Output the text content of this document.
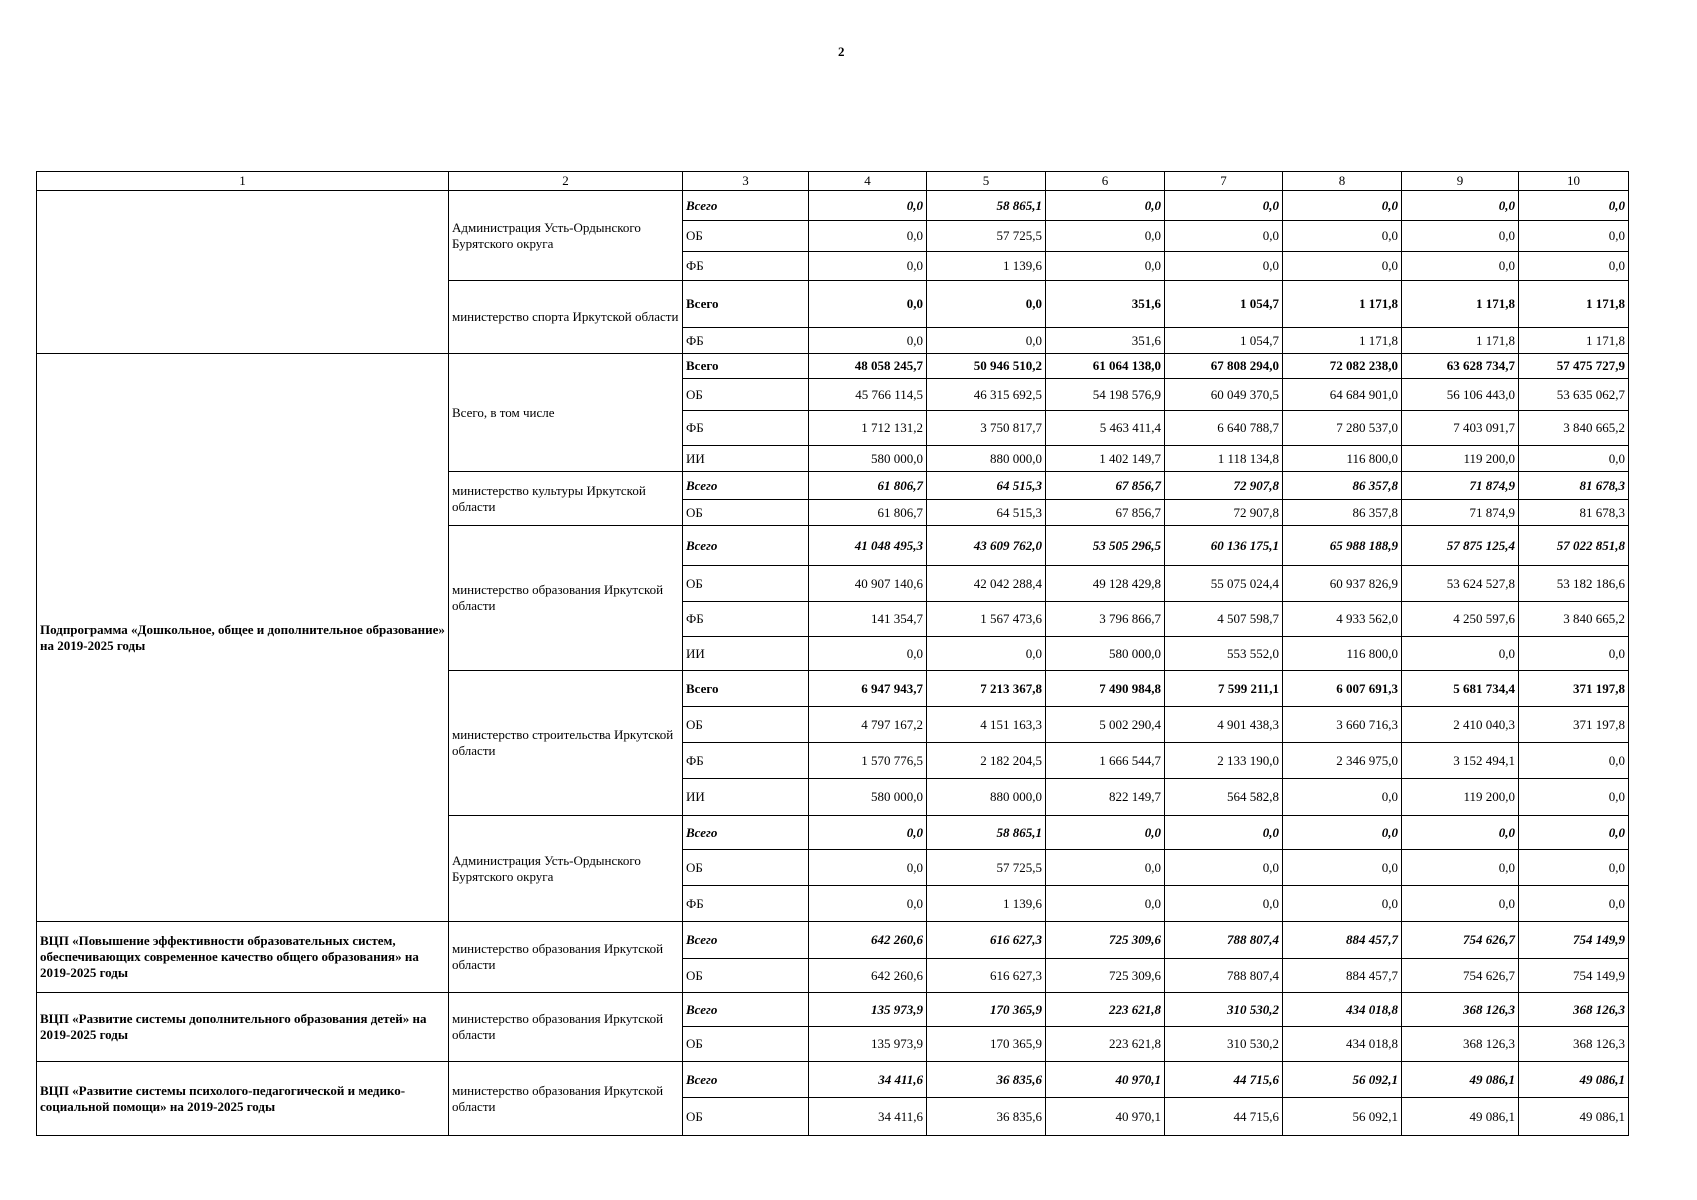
2
1	2	3	4	5	6	7	8	9	10
	Администрация Усть-Ордынского Бурятского округа	Всего	0,0	58 865,1	0,0	0,0	0,0	0,0	0,0
		ОБ	0,0	57 725,5	0,0	0,0	0,0	0,0	0,0
		ФБ	0,0	1 139,6	0,0	0,0	0,0	0,0	0,0
	министерство спорта Иркутской области	Всего	0,0	0,0	351,6	1 054,7	1 171,8	1 171,8	1 171,8
		ФБ	0,0	0,0	351,6	1 054,7	1 171,8	1 171,8	1 171,8
Подпрограмма «Дошкольное, общее и дополнительное образование» на 2019-2025 годы	Всего, в том числе	Всего	48 058 245,7	50 946 510,2	61 064 138,0	67 808 294,0	72 082 238,0	63 628 734,7	57 475 727,9
		ОБ	45 766 114,5	46 315 692,5	54 198 576,9	60 049 370,5	64 684 901,0	56 106 443,0	53 635 062,7
		ФБ	1 712 131,2	3 750 817,7	5 463 411,4	6 640 788,7	7 280 537,0	7 403 091,7	3 840 665,2
		ИИ	580 000,0	880 000,0	1 402 149,7	1 118 134,8	116 800,0	119 200,0	0,0
	министерство культуры Иркутской области	Всего	61 806,7	64 515,3	67 856,7	72 907,8	86 357,8	71 874,9	81 678,3
		ОБ	61 806,7	64 515,3	67 856,7	72 907,8	86 357,8	71 874,9	81 678,3
	министерство образования Иркутской области	Всего	41 048 495,3	43 609 762,0	53 505 296,5	60 136 175,1	65 988 188,9	57 875 125,4	57 022 851,8
		ОБ	40 907 140,6	42 042 288,4	49 128 429,8	55 075 024,4	60 937 826,9	53 624 527,8	53 182 186,6
		ФБ	141 354,7	1 567 473,6	3 796 866,7	4 507 598,7	4 933 562,0	4 250 597,6	3 840 665,2
		ИИ	0,0	0,0	580 000,0	553 552,0	116 800,0	0,0	0,0
	министерство строительства Иркутской области	Всего	6 947 943,7	7 213 367,8	7 490 984,8	7 599 211,1	6 007 691,3	5 681 734,4	371 197,8
		ОБ	4 797 167,2	4 151 163,3	5 002 290,4	4 901 438,3	3 660 716,3	2 410 040,3	371 197,8
		ФБ	1 570 776,5	2 182 204,5	1 666 544,7	2 133 190,0	2 346 975,0	3 152 494,1	0,0
		ИИ	580 000,0	880 000,0	822 149,7	564 582,8	0,0	119 200,0	0,0
	Администрация Усть-Ордынского Бурятского округа	Всего	0,0	58 865,1	0,0	0,0	0,0	0,0	0,0
		ОБ	0,0	57 725,5	0,0	0,0	0,0	0,0	0,0
		ФБ	0,0	1 139,6	0,0	0,0	0,0	0,0	0,0
ВЦП «Повышение эффективности образовательных систем, обеспечивающих современное качество общего образования» на 2019-2025 годы	министерство образования Иркутской области	Всего	642 260,6	616 627,3	725 309,6	788 807,4	884 457,7	754 626,7	754 149,9
		ОБ	642 260,6	616 627,3	725 309,6	788 807,4	884 457,7	754 626,7	754 149,9
ВЦП «Развитие системы дополнительного образования детей» на 2019-2025 годы	министерство образования Иркутской области	Всего	135 973,9	170 365,9	223 621,8	310 530,2	434 018,8	368 126,3	368 126,3
		ОБ	135 973,9	170 365,9	223 621,8	310 530,2	434 018,8	368 126,3	368 126,3
ВЦП «Развитие системы психолого-педагогической и медико-социальной помощи» на 2019-2025 годы	министерство образования Иркутской области	Всего	34 411,6	36 835,6	40 970,1	44 715,6	56 092,1	49 086,1	49 086,1
		ОБ	34 411,6	36 835,6	40 970,1	44 715,6	56 092,1	49 086,1	49 086,1
